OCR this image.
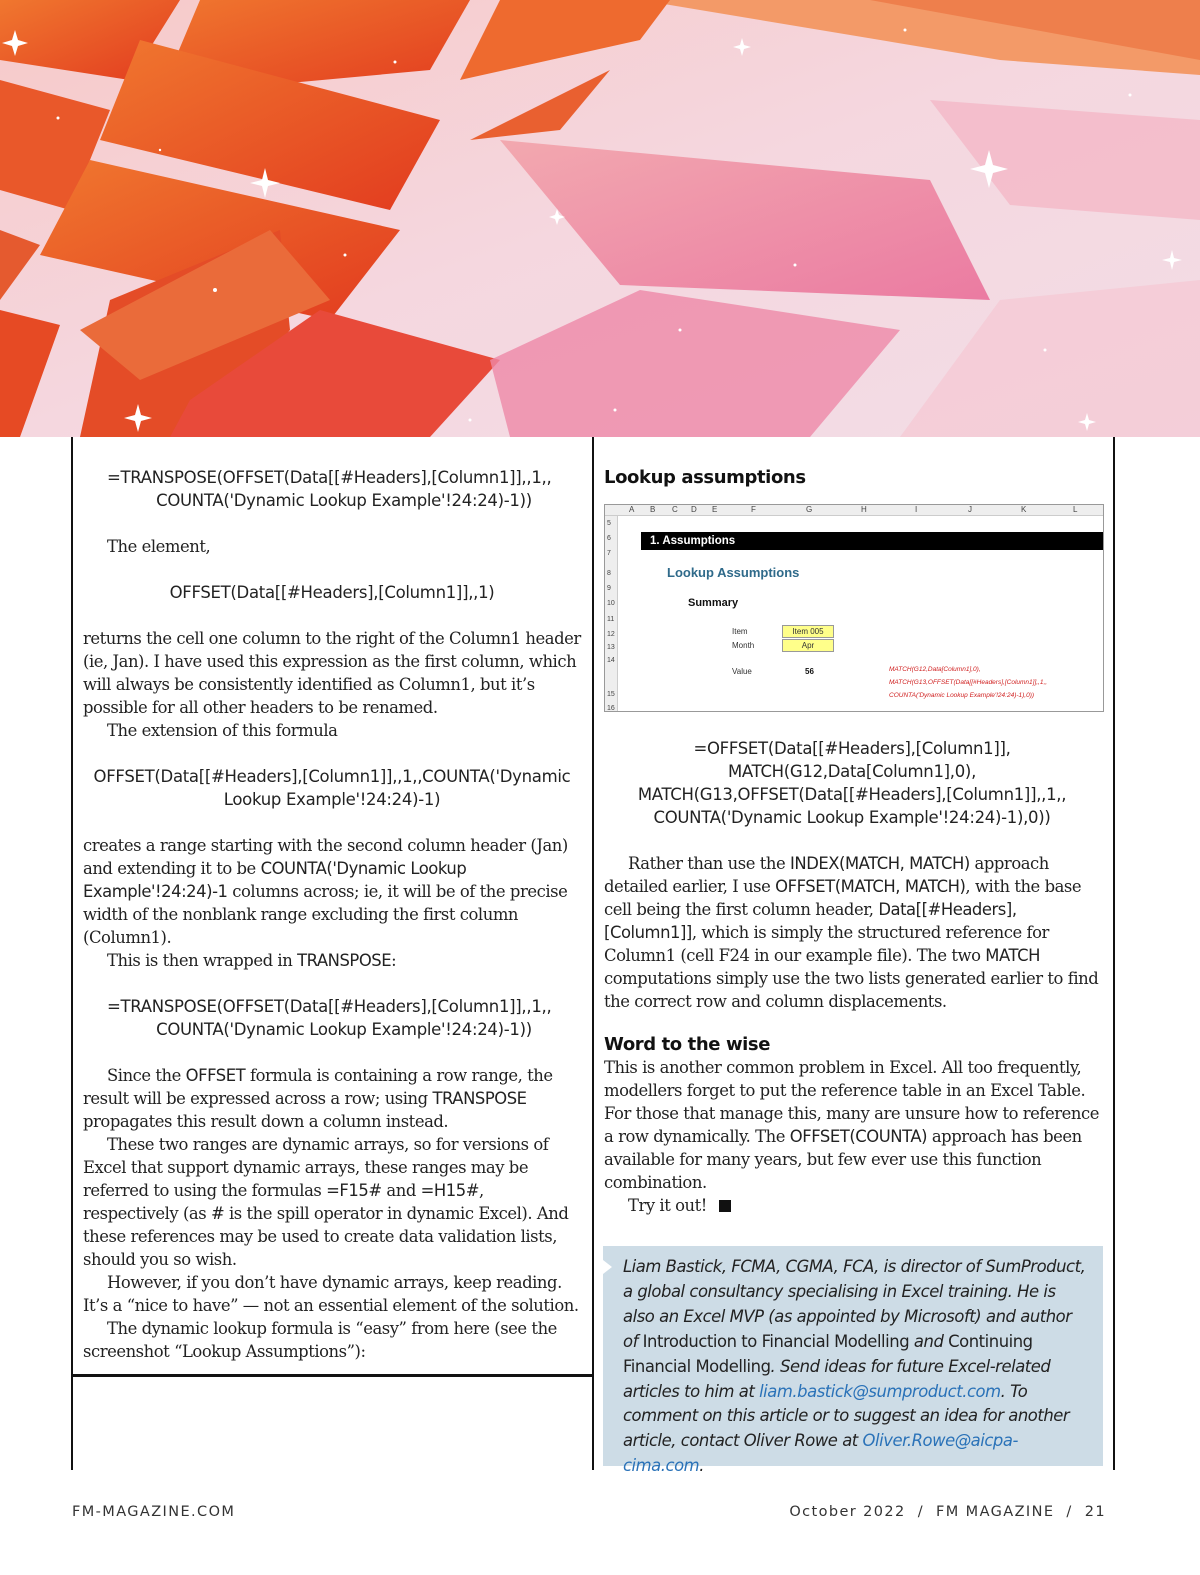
=TRANSPOSE(OFFSET(Data[[#Headers],[Column1]],,1,,
COUNTA('Dynamic Lookup Example'!24:24)-1))

The element,

OFFSET(Data[[#Headers],[Column1]],,1)

returns the cell one column to the right of the Column1 header (ie, Jan). I have used this expression as the first column, which will always be consistently identified as Column1, but it’s possible for all other headers to be renamed.

The extension of this formula

OFFSET(Data[[#Headers],[Column1]],,1,,COUNTA('Dynamic
Lookup Example'!24:24)-1)

creates a range starting with the second column header (Jan) and extending it to be COUNTA('Dynamic Lookup Example'!24:24)-1 columns across; ie, it will be of the precise width of the nonblank range excluding the first column (Column1).

This is then wrapped in TRANSPOSE:

=TRANSPOSE(OFFSET(Data[[#Headers],[Column1]],,1,,
COUNTA('Dynamic Lookup Example'!24:24)-1))

Since the OFFSET formula is containing a row range, the result will be expressed across a row; using TRANSPOSE propagates this result down a column instead.

These two ranges are dynamic arrays, so for versions of Excel that support dynamic arrays, these ranges may be referred to using the formulas =F15# and =H15#, respectively (as # is the spill operator in dynamic Excel). And these references may be used to create data validation lists, should you so wish.

However, if you don’t have dynamic arrays, keep reading. It’s a “nice to have” — not an essential element of the solution.

The dynamic lookup formula is “easy” from here (see the screenshot “Lookup Assumptions”):

Lookup assumptions
A B C D E	F	G	H	I	J	K	L
5
6
7
8
9
10
11
12
13
14
15
16
1. Assumptions
Lookup Assumptions
Summary
Item	Item 005
Month	Apr
Value	56	MATCH(G12,Data[Column1],0),
MATCH(G13,OFFSET(Data[[#Headers],[Column1]],,1,,
COUNTA('Dynamic Lookup Example'!24:24)-1),0))
=OFFSET(Data[[#Headers],[Column1]],
MATCH(G12,Data[Column1],0),
MATCH(G13,OFFSET(Data[[#Headers],[Column1]],,1,,
COUNTA('Dynamic Lookup Example'!24:24)-1),0))

Rather than use the INDEX(MATCH, MATCH) approach detailed earlier, I use OFFSET(MATCH, MATCH), with the base cell being the first column header, Data[[#Headers],[Column1]], which is simply the structured reference for Column1 (cell F24 in our example file). The two MATCH computations simply use the two lists generated earlier to find the correct row and column displacements.

Word to the wise

This is another common problem in Excel. All too frequently, modellers forget to put the reference table in an Excel Table. For those that manage this, many are unsure how to reference a row dynamically. The OFFSET(COUNTA) approach has been available for many years, but few ever use this function combination.

Try it out!

Liam Bastick, FCMA, CGMA, FCA, is director of SumProduct, a global consultancy specialising in Excel training. He is also an Excel MVP (as appointed by Microsoft) and author of Introduction to Financial Modelling and Continuing Financial Modelling. Send ideas for future Excel-related articles to him at liam.bastick@sumproduct.com. To comment on this article or to suggest an idea for another article, contact Oliver Rowe at Oliver.Rowe@aicpa-cima.com.

FM-MAGAZINE.COM	October 2022  /  FM MAGAZINE  /  21
